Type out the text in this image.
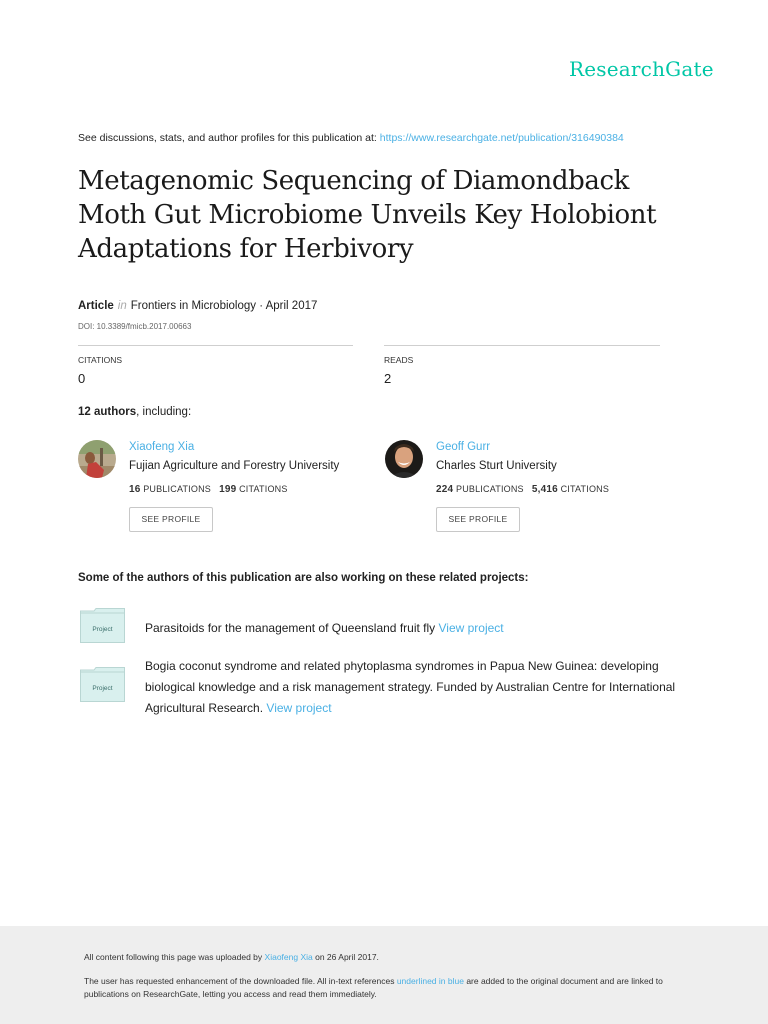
ResearchGate
See discussions, stats, and author profiles for this publication at: https://www.researchgate.net/publication/316490384
Metagenomic Sequencing of Diamondback
Moth Gut Microbiome Unveils Key Holobiont
Adaptations for Herbivory
Article in Frontiers in Microbiology · April 2017
DOI: 10.3389/fmicb.2017.00663
CITATIONS
0
READS
2
12 authors, including:
Xiaofeng Xia
Fujian Agriculture and Forestry University
16 PUBLICATIONS 199 CITATIONS
SEE PROFILE
Geoff Gurr
Charles Sturt University
224 PUBLICATIONS 5,416 CITATIONS
SEE PROFILE
Some of the authors of this publication are also working on these related projects:
Project	Parasitoids for the management of Queensland fruit fly View project
Project
Bogia coconut syndrome and related phytoplasma syndromes in Papua New Guinea: developing
biological knowledge and a risk management strategy. Funded by Australian Centre for International
Agricultural Research. View project
All content following this page was uploaded by Xiaofeng Xia on 26 April 2017.
The user has requested enhancement of the downloaded file. All in-text references underlined in blue are added to the original document and are linked to publications on ResearchGate, letting you access and read them immediately.
